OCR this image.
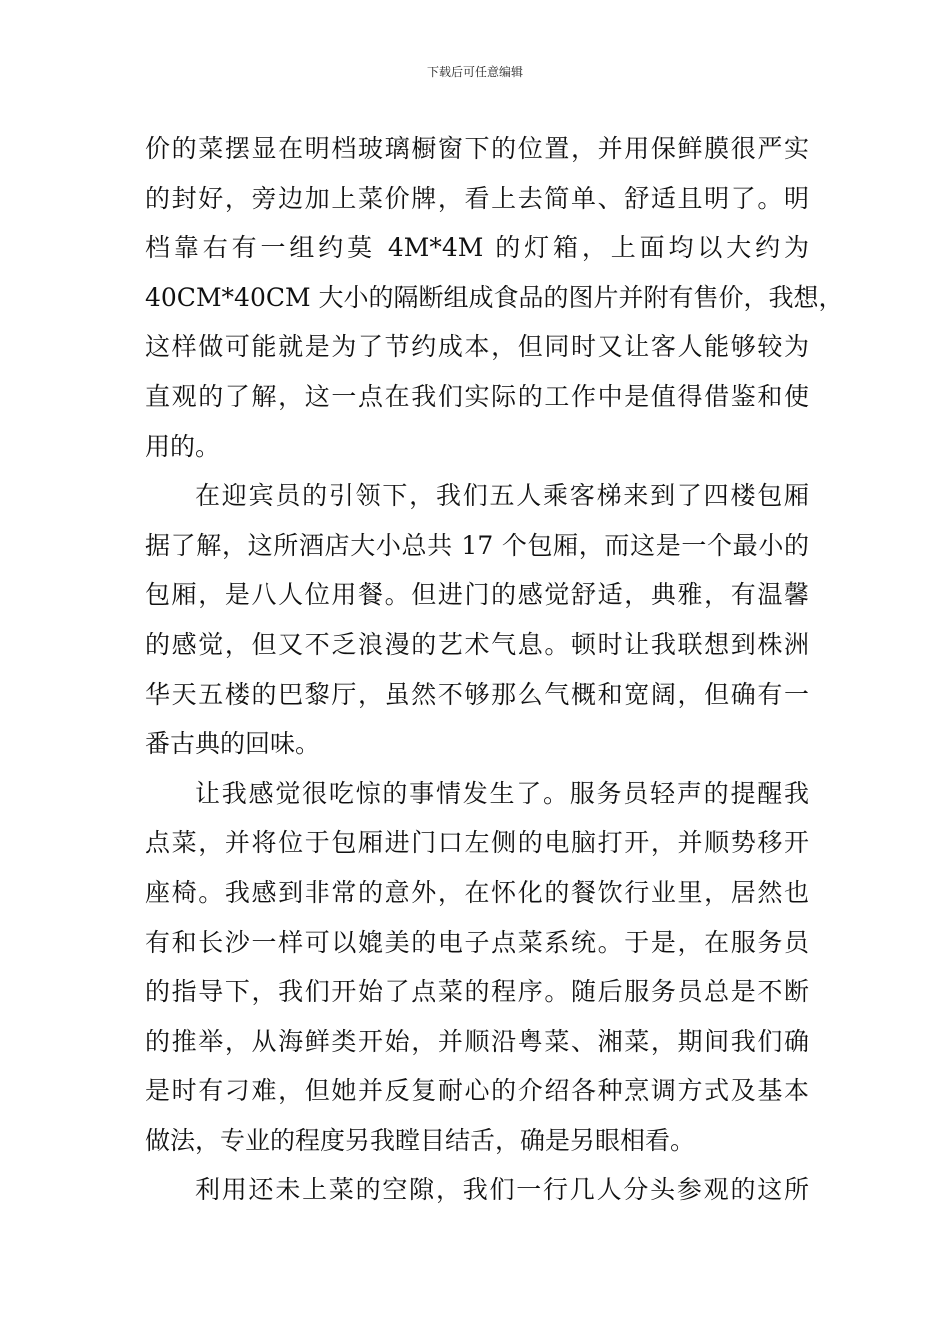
下载后可任意编辑
价的菜摆显在明档玻璃橱窗下的位置，并用保鲜膜很严实
的封好，旁边加上菜价牌，看上去简单、舒适且明了。明
档靠右有一组约莫 4M*4M 的灯箱，上面均以大约为
40CM*40CM 大小的隔断组成食品的图片并附有售价，我想，
这样做可能就是为了节约成本，但同时又让客人能够较为
直观的了解，这一点在我们实际的工作中是值得借鉴和使
用的。
在迎宾员的引领下，我们五人乘客梯来到了四楼包厢
据了解，这所酒店大小总共 17 个包厢，而这是一个最小的
包厢，是八人位用餐。但进门的感觉舒适，典雅，有温馨
的感觉，但又不乏浪漫的艺术气息。顿时让我联想到株洲
华天五楼的巴黎厅，虽然不够那么气概和宽阔，但确有一
番古典的回味。
让我感觉很吃惊的事情发生了。服务员轻声的提醒我
点菜，并将位于包厢进门口左侧的电脑打开，并顺势移开
座椅。我感到非常的意外，在怀化的餐饮行业里，居然也
有和长沙一样可以媲美的电子点菜系统。于是，在服务员
的指导下，我们开始了点菜的程序。随后服务员总是不断
的推举，从海鲜类开始，并顺沿粤菜、湘菜，期间我们确
是时有刁难，但她并反复耐心的介绍各种烹调方式及基本
做法，专业的程度另我瞠目结舌，确是另眼相看。
利用还未上菜的空隙，我们一行几人分头参观的这所
